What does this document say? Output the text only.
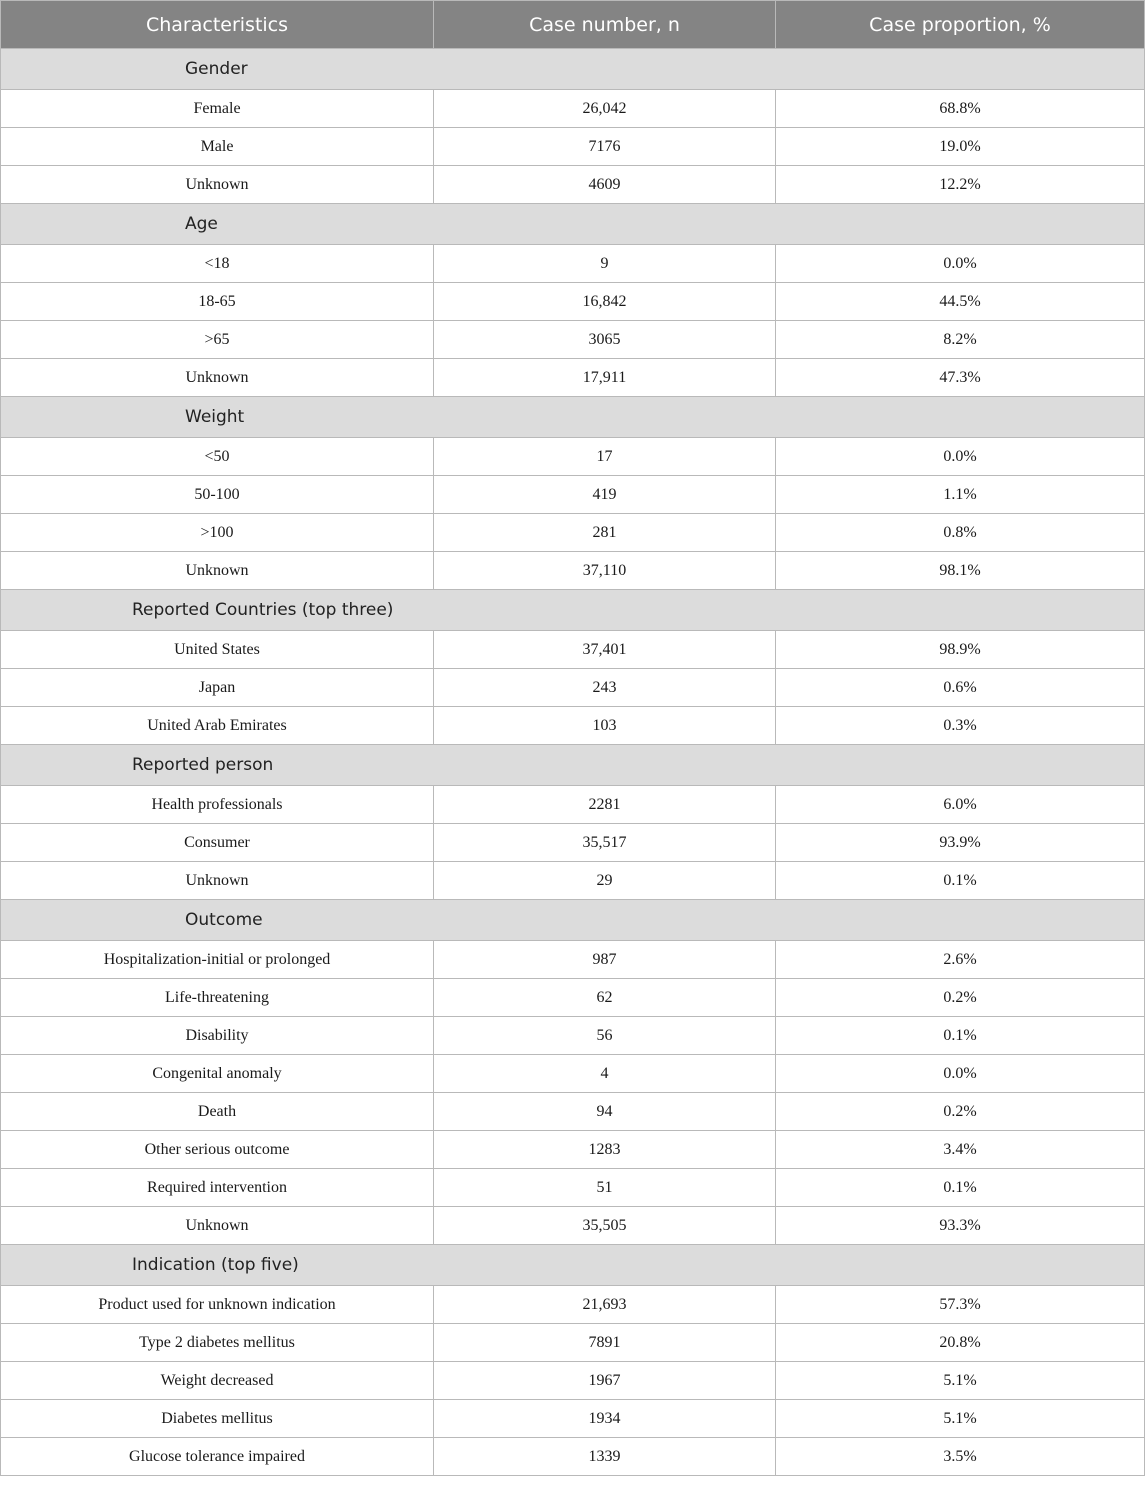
Characteristics	Case number, n	Case proportion, %
Gender		
Female	26,042	68.8%
Male	7176	19.0%
Unknown	4609	12.2%
Age		
<18	9	0.0%
18-65	16,842	44.5%
>65	3065	8.2%
Unknown	17,911	47.3%
Weight		
<50	17	0.0%
50-100	419	1.1%
>100	281	0.8%
Unknown	37,110	98.1%
Reported Countries (top three)		
United States	37,401	98.9%
Japan	243	0.6%
United Arab Emirates	103	0.3%
Reported person		
Health professionals	2281	6.0%
Consumer	35,517	93.9%
Unknown	29	0.1%
Outcome		
Hospitalization-initial or prolonged	987	2.6%
Life-threatening	62	0.2%
Disability	56	0.1%
Congenital anomaly	4	0.0%
Death	94	0.2%
Other serious outcome	1283	3.4%
Required intervention	51	0.1%
Unknown	35,505	93.3%
Indication (top five)		
Product used for unknown indication	21,693	57.3%
Type 2 diabetes mellitus	7891	20.8%
Weight decreased	1967	5.1%
Diabetes mellitus	1934	5.1%
Glucose tolerance impaired	1339	3.5%
